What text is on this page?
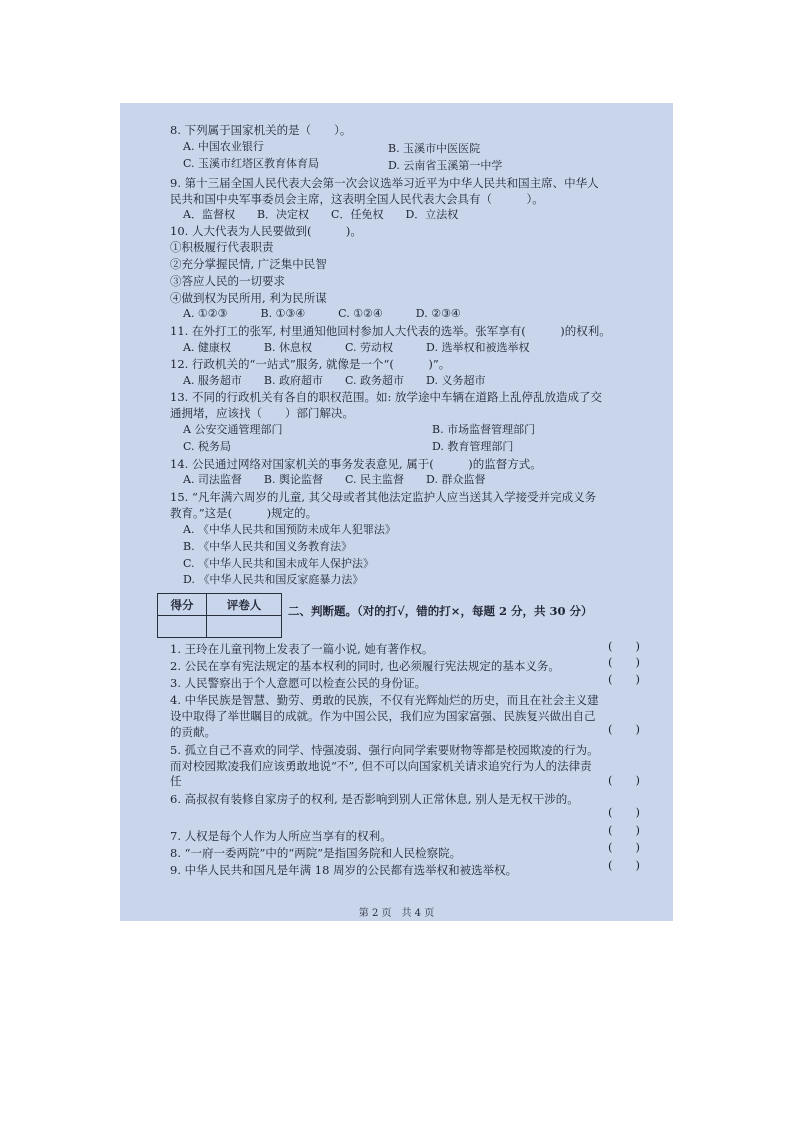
8. 下列属于国家机关的是（　　）。
A. 中国农业银行	B. 玉溪市中医医院
C. 玉溪市红塔区教育体育局	D. 云南省玉溪第一中学
9. 第十三届全国人民代表大会第一次会议选举习近平为中华人民共和国主席、中华人
民共和国中央军事委员会主席，这表明全国人民代表大会具有（　　　）。
A．监督权　　B．决定权　　C．任免权　　D．立法权
10. 人大代表为人民要做到(　　　)。
①积极履行代表职责
②充分掌握民情, 广泛集中民智
③答应人民的一切要求
④做到权为民所用, 利为民所谋
A. ①②③　　　B. ①③④　　　C. ①②④　　　D. ②③④
11. 在外打工的张军, 村里通知他回村参加人大代表的选举。张军享有(　　　)的权利。
A. 健康权　　　B. 休息权　　　C. 劳动权　　　D. 选举权和被选举权
12. 行政机关的“一站式”服务, 就像是一个“(　　　)”。
A. 服务超市　　B. 政府超市　　C. 政务超市　　D. 义务超市
13. 不同的行政机关有各自的职权范围。如: 放学途中车辆在道路上乱停乱放造成了交
通拥堵，应该找（　　）部门解决。
A 公安交通管理部门	B. 市场监督管理部门
C. 税务局	D. 教育管理部门
14. 公民通过网络对国家机关的事务发表意见, 属于(　　　)的监督方式。
A. 司法监督　　B. 舆论监督　　C. 民主监督　　D. 群众监督
15. “凡年满六周岁的儿童, 其父母或者其他法定监护人应当送其入学接受并完成义务
教育。”这是(　　　)规定的。
A. 《中华人民共和国预防未成年人犯罪法》
B. 《中华人民共和国义务教育法》
C. 《中华人民共和国未成年人保护法》
D. 《中华人民共和国反家庭暴力法》
得分	评卷人
	二、判断题。（对的打√，错的打×，每题 2 分，共 30 分）
1. 王玲在儿童刊物上发表了一篇小说, 她有著作权。	(　　)
2. 公民在享有宪法规定的基本权利的同时, 也必须履行宪法规定的基本义务。	(　　)
3. 人民警察出于个人意愿可以检查公民的身份证。	(　　)
4. 中华民族是智慧、勤劳、勇敢的民族，不仅有光辉灿烂的历史，而且在社会主义建
设中取得了举世瞩目的成就。作为中国公民，我们应为国家富强、民族复兴做出自己
的贡献。	(　　)
5. 孤立自己不喜欢的同学、恃强凌弱、强行向同学索要财物等都是校园欺凌的行为。
而对校园欺凌我们应该勇敢地说“不”, 但不可以向国家机关请求追究行为人的法律责
任	(　　)
6. 高叔叔有装修自家房子的权利, 是否影响到别人正常休息, 别人是无权干涉的。
(　　)
7. 人权是每个人作为人所应当享有的权利。	(　　)
8. “一府一委两院”中的“两院”是指国务院和人民检察院。	(　　)
9. 中华人民共和国凡是年满 18 周岁的公民都有选举权和被选举权。	(　　)
第 2 页　共 4 页
